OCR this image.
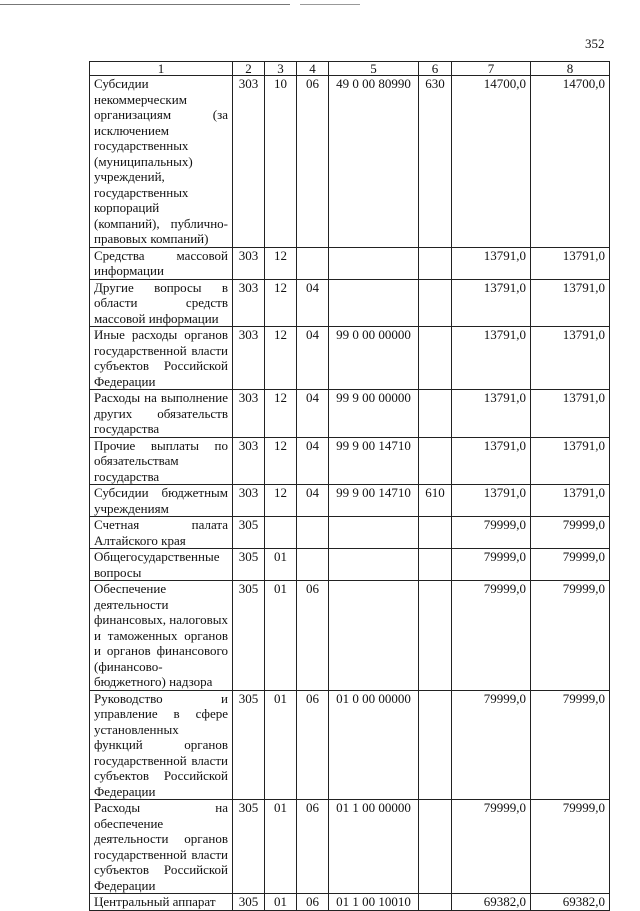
352
1	2	3	4	5	6	7	8
Субсидии некоммерческим организациям (за исключением государственных (муниципальных) учреждений, государственных корпораций (компаний), публично-правовых компаний)	303	10	06	49 0 00 80990	630	14700,0	14700,0
Средства массовой информации	303	12				13791,0	13791,0
Другие вопросы в области средств массовой информации	303	12	04			13791,0	13791,0
Иные расходы органов государственной власти субъектов Российской Федерации	303	12	04	99 0 00 00000		13791,0	13791,0
Расходы на выполнение других обязательств государства	303	12	04	99 9 00 00000		13791,0	13791,0
Прочие выплаты по обязательствам государства	303	12	04	99 9 00 14710		13791,0	13791,0
Субсидии бюджетным учреждениям	303	12	04	99 9 00 14710	610	13791,0	13791,0
Счетная палата Алтайского края	305					79999,0	79999,0
Общегосударственные вопросы	305	01				79999,0	79999,0
Обеспечение деятельности финансовых, налоговых и таможенных органов и органов финансового (финансово-бюджетного) надзора	305	01	06			79999,0	79999,0
Руководство и управление в сфере установленных функций органов государственной власти субъектов Российской Федерации	305	01	06	01 0 00 00000		79999,0	79999,0
Расходы на обеспечение деятельности органов государственной власти субъектов Российской Федерации	305	01	06	01 1 00 00000		79999,0	79999,0
Центральный аппарат	305	01	06	01 1 00 10010		69382,0	69382,0
